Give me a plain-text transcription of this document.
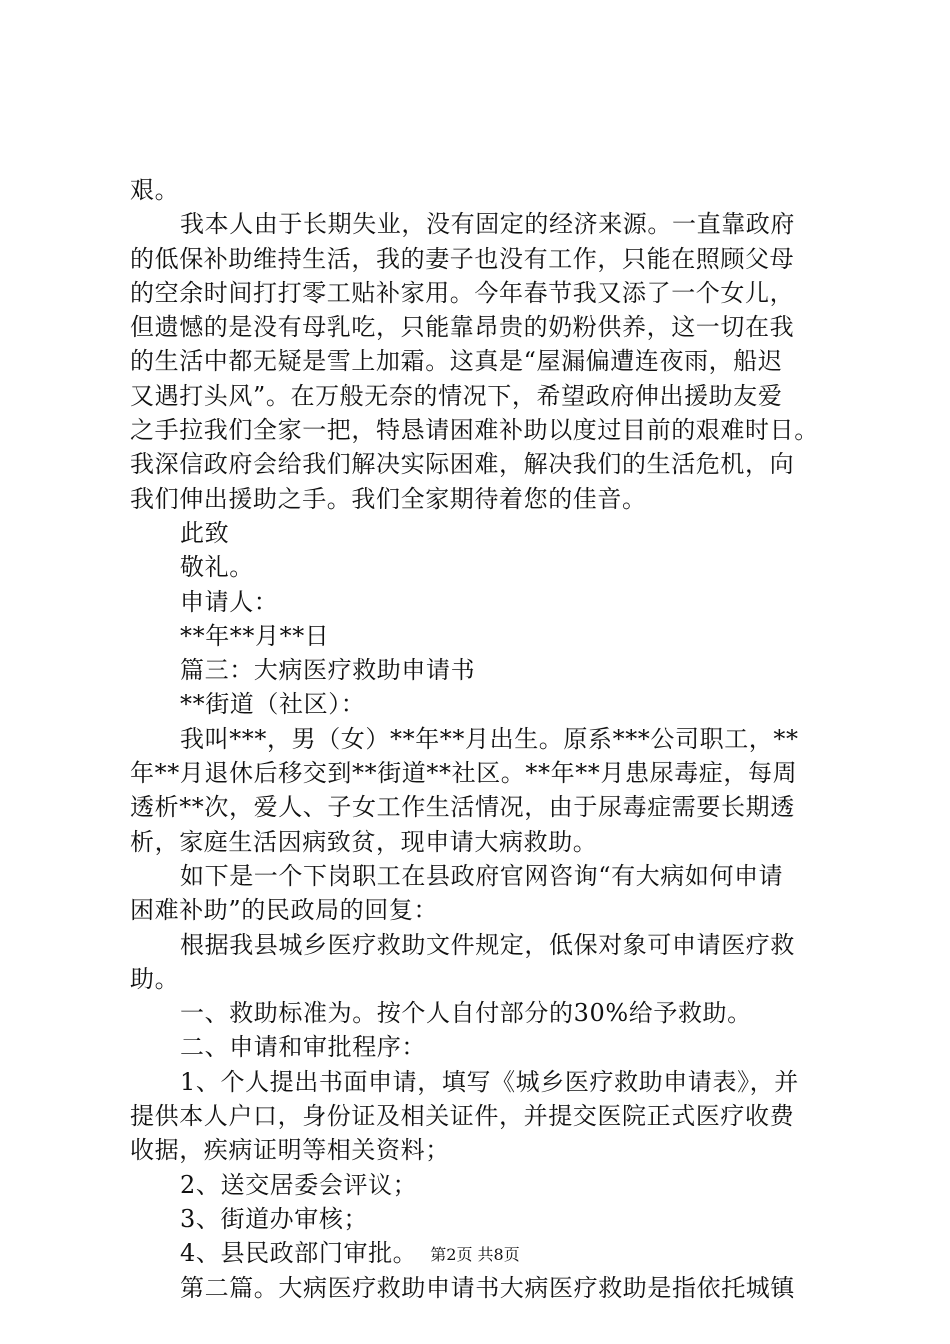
艰。
我本人由于长期失业，没有固定的经济来源。一直靠政府
的低保补助维持生活，我的妻子也没有工作，只能在照顾父母
的空余时间打打零工贴补家用。今年春节我又添了一个女儿，
但遗憾的是没有母乳吃，只能靠昂贵的奶粉供养，这一切在我
的生活中都无疑是雪上加霜。这真是“屋漏偏遭连夜雨，船迟
又遇打头风”。在万般无奈的情况下，希望政府伸出援助友爱
之手拉我们全家一把，特恳请困难补助以度过目前的艰难时日。
我深信政府会给我们解决实际困难，解决我们的生活危机，向
我们伸出援助之手。我们全家期待着您的佳音。
此致
敬礼。
申请人：
**年**月**日
篇三：大病医疗救助申请书
**街道（社区）：
我叫***，男（女）**年**月出生。原系***公司职工，**
年**月退休后移交到**街道**社区。**年**月患尿毒症，每周
透析**次，爱人、子女工作生活情况，由于尿毒症需要长期透
析，家庭生活因病致贫，现申请大病救助。
如下是一个下岗职工在县政府官网咨询“有大病如何申请
困难补助”的民政局的回复：
根据我县城乡医疗救助文件规定，低保对象可申请医疗救
助。
一、救助标准为。按个人自付部分的30%给予救助。
二、申请和审批程序：
1、个人提出书面申请，填写《城乡医疗救助申请表》，并
提供本人户口，身份证及相关证件，并提交医院正式医疗收费
收据，疾病证明等相关资料；
2、送交居委会评议；
3、街道办审核；
4、县民政部门审批。
第二篇。大病医疗救助申请书大病医疗救助是指依托城镇
第2页 共8页
